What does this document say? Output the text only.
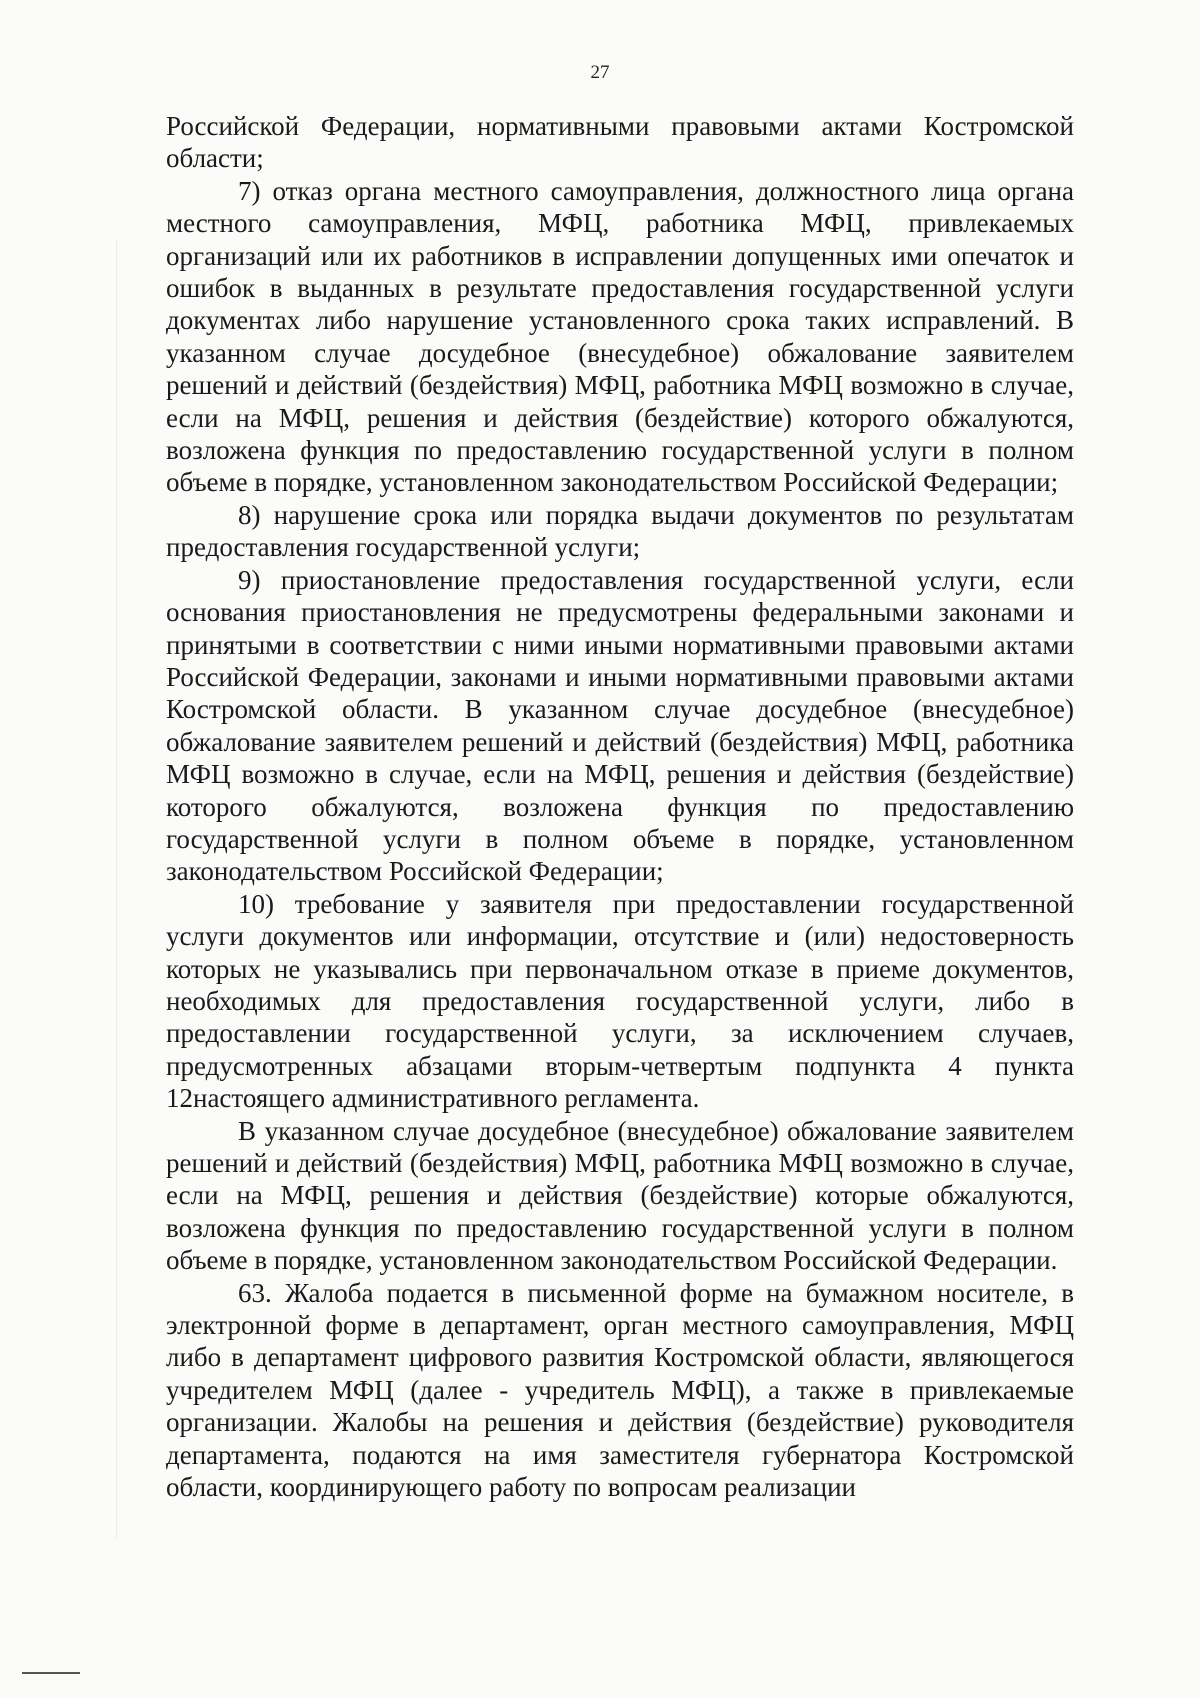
27

Российской Федерации, нормативными правовыми актами Костромской области;

7) отказ органа местного самоуправления, должностного лица органа местного самоуправления, МФЦ, работника МФЦ, привлекаемых организаций или их работников в исправлении допущенных ими опечаток и ошибок в выданных в результате предоставления государственной услуги документах либо нарушение установленного срока таких исправлений. В указанном случае досудебное (внесудебное) обжалование заявителем решений и действий (бездействия) МФЦ, работника МФЦ возможно в случае, если на МФЦ, решения и действия (бездействие) которого обжалуются, возложена функция по предоставлению государственной услуги в полном объеме в порядке, установленном законодательством Российской Федерации;

8) нарушение срока или порядка выдачи документов по результатам предоставления государственной услуги;

9) приостановление предоставления государственной услуги, если основания приостановления не предусмотрены федеральными законами и принятыми в соответствии с ними иными нормативными правовыми актами Российской Федерации, законами и иными нормативными правовыми актами Костромской области. В указанном случае досудебное (внесудебное) обжалование заявителем решений и действий (бездействия) МФЦ, работника МФЦ возможно в случае, если на МФЦ, решения и действия (бездействие) которого обжалуются, возложена функция по предоставлению государственной услуги в полном объеме в порядке, установленном законодательством Российской Федерации;

10) требование у заявителя при предоставлении государственной услуги документов или информации, отсутствие и (или) недостоверность которых не указывались при первоначальном отказе в приеме документов, необходимых для предоставления государственной услуги, либо в предоставлении государственной услуги, за исключением случаев, предусмотренных абзацами вторым-четвертым подпункта 4 пункта 12настоящего административного регламента.

В указанном случае досудебное (внесудебное) обжалование заявителем решений и действий (бездействия) МФЦ, работника МФЦ возможно в случае, если на МФЦ, решения и действия (бездействие) которые обжалуются, возложена функция по предоставлению государственной услуги в полном объеме в порядке, установленном законодательством Российской Федерации.

63. Жалоба подается в письменной форме на бумажном носителе, в электронной форме в департамент, орган местного самоуправления, МФЦ либо в департамент цифрового развития Костромской области, являющегося учредителем МФЦ (далее - учредитель МФЦ), а также в привлекаемые организации. Жалобы на решения и действия (бездействие) руководителя департамента, подаются на имя заместителя губернатора Костромской области, координирующего работу по вопросам реализации
